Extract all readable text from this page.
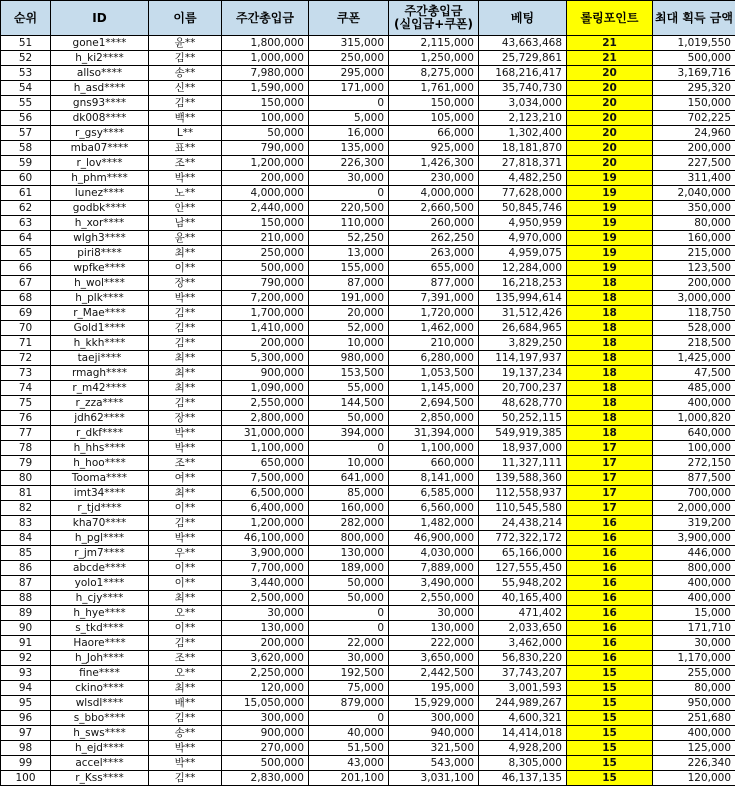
순위	ID	이름	주간총입금	쿠폰	주간총입금
(실입금+쿠폰)	베팅	롤링포인트	최대 획득 금액
51	gone1****	윤**	1,800,000	315,000	2,115,000	43,663,468	21	1,019,550
52	h_ki2****	김**	1,000,000	250,000	1,250,000	25,729,861	21	500,000
53	allso****	송**	7,980,000	295,000	8,275,000	168,216,417	20	3,169,716
54	h_asd****	신**	1,590,000	171,000	1,761,000	35,740,730	20	295,320
55	gns93****	김**	150,000	0	150,000	3,034,000	20	150,000
56	dk008****	백**	100,000	5,000	105,000	2,123,210	20	702,225
57	r_gsy****	L**	50,000	16,000	66,000	1,302,400	20	24,960
58	mba07****	표**	790,000	135,000	925,000	18,181,870	20	200,000
59	r_lov****	조**	1,200,000	226,300	1,426,300	27,818,371	20	227,500
60	h_phm****	박**	200,000	30,000	230,000	4,482,250	19	311,400
61	lunez****	노**	4,000,000	0	4,000,000	77,628,000	19	2,040,000
62	godbk****	안**	2,440,000	220,500	2,660,500	50,845,746	19	350,000
63	h_xor****	남**	150,000	110,000	260,000	4,950,959	19	80,000
64	wlgh3****	윤**	210,000	52,250	262,250	4,970,000	19	160,000
65	piri8****	최**	250,000	13,000	263,000	4,959,075	19	215,000
66	wpfke****	이**	500,000	155,000	655,000	12,284,000	19	123,500
67	h_wol****	장**	790,000	87,000	877,000	16,218,253	18	200,000
68	h_plk****	박**	7,200,000	191,000	7,391,000	135,994,614	18	3,000,000
69	r_Mae****	김**	1,700,000	20,000	1,720,000	31,512,426	18	118,750
70	Gold1****	김**	1,410,000	52,000	1,462,000	26,684,965	18	528,000
71	h_kkh****	김**	200,000	10,000	210,000	3,829,250	18	218,500
72	taeji****	최**	5,300,000	980,000	6,280,000	114,197,937	18	1,425,000
73	rmagh****	최**	900,000	153,500	1,053,500	19,137,234	18	47,500
74	r_m42****	최**	1,090,000	55,000	1,145,000	20,700,237	18	485,000
75	r_zza****	김**	2,550,000	144,500	2,694,500	48,628,770	18	400,000
76	jdh62****	장**	2,800,000	50,000	2,850,000	50,252,115	18	1,000,820
77	r_dkf****	박**	31,000,000	394,000	31,394,000	549,919,385	18	640,000
78	h_hhs****	박**	1,100,000	0	1,100,000	18,937,000	17	100,000
79	h_hoo****	조**	650,000	10,000	660,000	11,327,111	17	272,150
80	Tooma****	여**	7,500,000	641,000	8,141,000	139,588,360	17	877,500
81	imt34****	최**	6,500,000	85,000	6,585,000	112,558,937	17	700,000
82	r_tjd****	이**	6,400,000	160,000	6,560,000	110,545,580	17	2,000,000
83	kha70****	김**	1,200,000	282,000	1,482,000	24,438,214	16	319,200
84	h_pgl****	박**	46,100,000	800,000	46,900,000	772,322,172	16	3,900,000
85	r_jm7****	우**	3,900,000	130,000	4,030,000	65,166,000	16	446,000
86	abcde****	이**	7,700,000	189,000	7,889,000	127,555,450	16	800,000
87	yolo1****	이**	3,440,000	50,000	3,490,000	55,948,202	16	400,000
88	h_cjy****	최**	2,500,000	50,000	2,550,000	40,165,400	16	400,000
89	h_hye****	오**	30,000	0	30,000	471,402	16	15,000
90	s_tkd****	이**	130,000	0	130,000	2,033,650	16	171,710
91	Haore****	김**	200,000	22,000	222,000	3,462,000	16	30,000
92	h_Joh****	조**	3,620,000	30,000	3,650,000	56,830,220	16	1,170,000
93	fine****	오**	2,250,000	192,500	2,442,500	37,743,207	15	255,000
94	ckino****	최**	120,000	75,000	195,000	3,001,593	15	80,000
95	wlsdl****	배**	15,050,000	879,000	15,929,000	244,989,267	15	950,000
96	s_bbo****	김**	300,000	0	300,000	4,600,321	15	251,680
97	h_sws****	송**	900,000	40,000	940,000	14,414,018	15	400,000
98	h_ejd****	박**	270,000	51,500	321,500	4,928,200	15	125,000
99	accel****	박**	500,000	43,000	543,000	8,305,000	15	226,340
100	r_Kss****	김**	2,830,000	201,100	3,031,100	46,137,135	15	120,000
